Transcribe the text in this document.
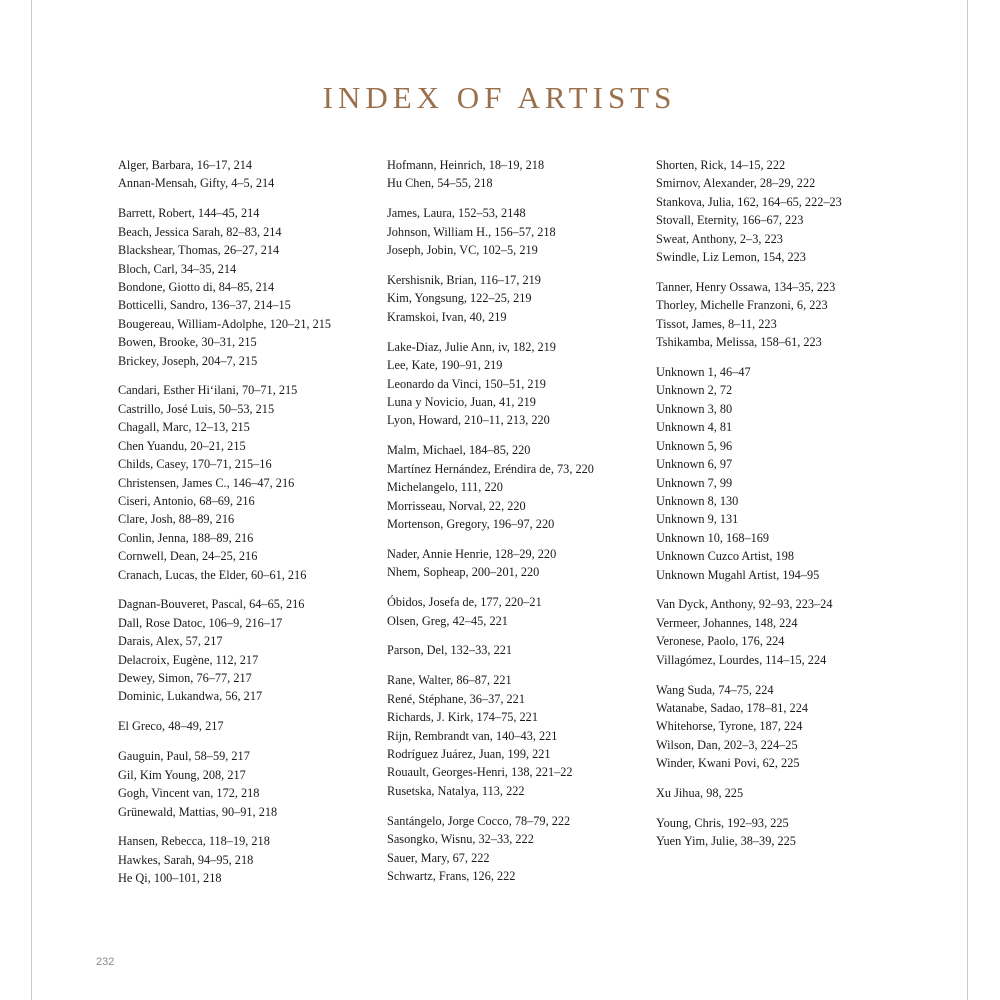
INDEX OF ARTISTS
Alger, Barbara, 16–17, 214
Annan-Mensah, Gifty, 4–5, 214
Barrett, Robert, 144–45, 214
Beach, Jessica Sarah, 82–83, 214
Blackshear, Thomas, 26–27, 214
Bloch, Carl, 34–35, 214
Bondone, Giotto di, 84–85, 214
Botticelli, Sandro, 136–37, 214–15
Bougereau, William-Adolphe, 120–21, 215
Bowen, Brooke, 30–31, 215
Brickey, Joseph, 204–7, 215
Candari, Esther Hiʻilani, 70–71, 215
Castrillo, José Luis, 50–53, 215
Chagall, Marc, 12–13, 215
Chen Yuandu, 20–21, 215
Childs, Casey, 170–71, 215–16
Christensen, James C., 146–47, 216
Ciseri, Antonio, 68–69, 216
Clare, Josh, 88–89, 216
Conlin, Jenna, 188–89, 216
Cornwell, Dean, 24–25, 216
Cranach, Lucas, the Elder, 60–61, 216
Dagnan-Bouveret, Pascal, 64–65, 216
Dall, Rose Datoc, 106–9, 216–17
Darais, Alex, 57, 217
Delacroix, Eugène, 112, 217
Dewey, Simon, 76–77, 217
Dominic, Lukandwa, 56, 217
El Greco, 48–49, 217
Gauguin, Paul, 58–59, 217
Gil, Kim Young, 208, 217
Gogh, Vincent van, 172, 218
Grünewald, Mattias, 90–91, 218
Hansen, Rebecca, 118–19, 218
Hawkes, Sarah, 94–95, 218
He Qi, 100–101, 218
Hofmann, Heinrich, 18–19, 218
Hu Chen, 54–55, 218
James, Laura, 152–53, 2148
Johnson, William H., 156–57, 218
Joseph, Jobin, VC, 102–5, 219
Kershisnik, Brian, 116–17, 219
Kim, Yongsung, 122–25, 219
Kramskoi, Ivan, 40, 219
Lake-Diaz, Julie Ann, iv, 182, 219
Lee, Kate, 190–91, 219
Leonardo da Vinci, 150–51, 219
Luna y Novicio, Juan, 41, 219
Lyon, Howard, 210–11, 213, 220
Malm, Michael, 184–85, 220
Martínez Hernández, Eréndira de, 73, 220
Michelangelo, 111, 220
Morrisseau, Norval, 22, 220
Mortenson, Gregory, 196–97, 220
Nader, Annie Henrie, 128–29, 220
Nhem, Sopheap, 200–201, 220
Óbidos, Josefa de, 177, 220–21
Olsen, Greg, 42–45, 221
Parson, Del, 132–33, 221
Rane, Walter, 86–87, 221
René, Stéphane, 36–37, 221
Richards, J. Kirk, 174–75, 221
Rijn, Rembrandt van, 140–43, 221
Rodríguez Juárez, Juan, 199, 221
Rouault, Georges-Henri, 138, 221–22
Rusetska, Natalya, 113, 222
Santángelo, Jorge Cocco, 78–79, 222
Sasongko, Wisnu, 32–33, 222
Sauer, Mary, 67, 222
Schwartz, Frans, 126, 222
Shorten, Rick, 14–15, 222
Smirnov, Alexander, 28–29, 222
Stankova, Julia, 162, 164–65, 222–23
Stovall, Eternity, 166–67, 223
Sweat, Anthony, 2–3, 223
Swindle, Liz Lemon, 154, 223
Tanner, Henry Ossawa, 134–35, 223
Thorley, Michelle Franzoni, 6, 223
Tissot, James, 8–11, 223
Tshikamba, Melissa, 158–61, 223
Unknown 1, 46–47
Unknown 2, 72
Unknown 3, 80
Unknown 4, 81
Unknown 5, 96
Unknown 6, 97
Unknown 7, 99
Unknown 8, 130
Unknown 9, 131
Unknown 10, 168–169
Unknown Cuzco Artist, 198
Unknown Mugahl Artist, 194–95
Van Dyck, Anthony, 92–93, 223–24
Vermeer, Johannes, 148, 224
Veronese, Paolo, 176, 224
Villagómez, Lourdes, 114–15, 224
Wang Suda, 74–75, 224
Watanabe, Sadao, 178–81, 224
Whitehorse, Tyrone, 187, 224
Wilson, Dan, 202–3, 224–25
Winder, Kwani Povi, 62, 225
Xu Jihua, 98, 225
Young, Chris, 192–93, 225
Yuen Yim, Julie, 38–39, 225
232
